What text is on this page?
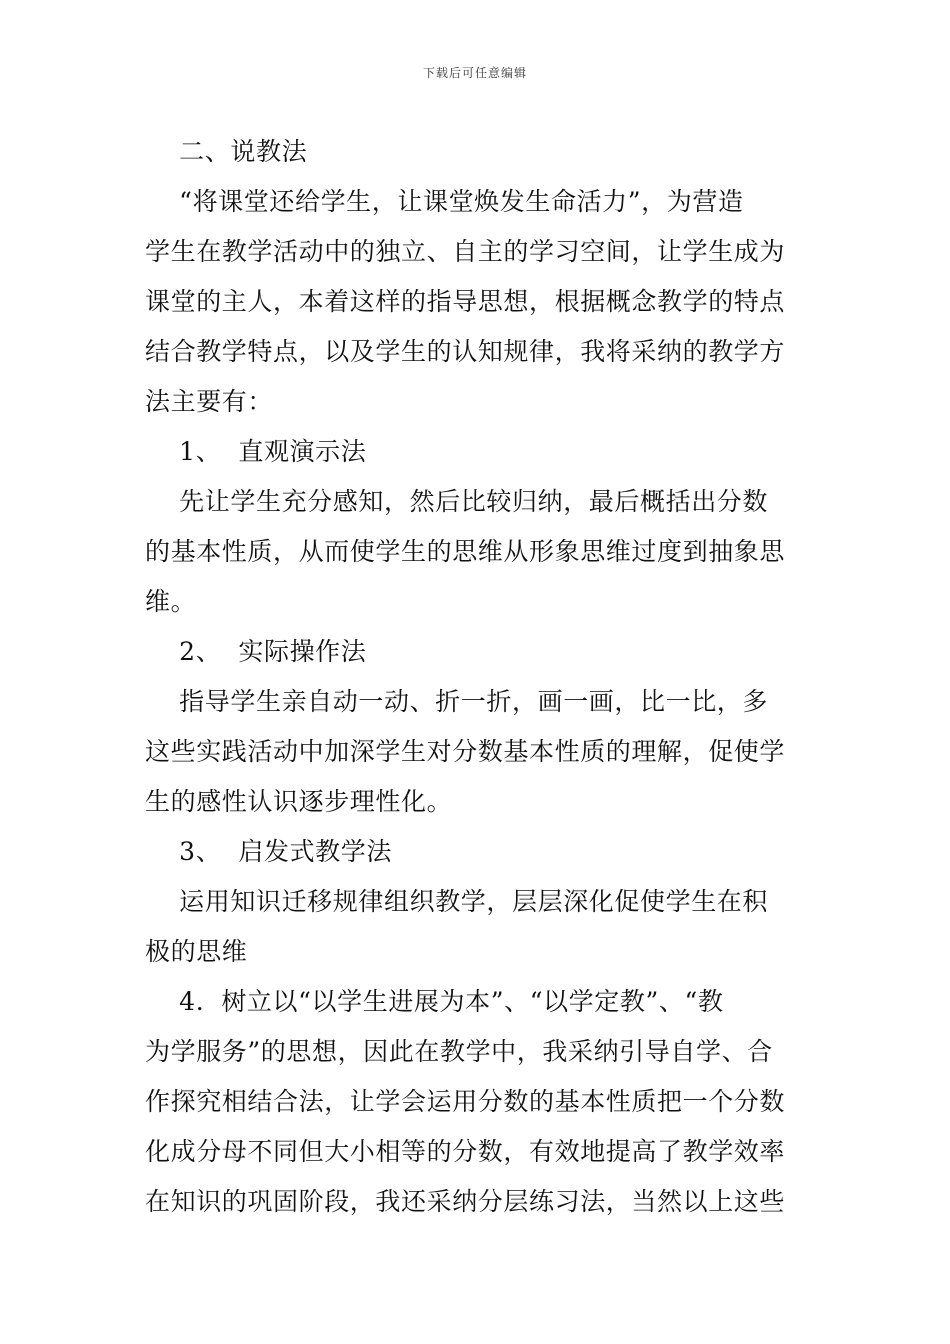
下载后可任意编辑
二、说教法
“将课堂还给学生，让课堂焕发生命活力”，为营造
学生在教学活动中的独立、自主的学习空间，让学生成为
课堂的主人，本着这样的指导思想，根据概念教学的特点
结合教学特点，以及学生的认知规律，我将采纳的教学方
法主要有：
1、  直观演示法
先让学生充分感知，然后比较归纳，最后概括出分数
的基本性质，从而使学生的思维从形象思维过度到抽象思
维。
2、  实际操作法
指导学生亲自动一动、折一折，画一画，比一比，多
这些实践活动中加深学生对分数基本性质的理解，促使学
生的感性认识逐步理性化。
3、  启发式教学法
运用知识迁移规律组织教学，层层深化促使学生在积
极的思维
4.  树立以“以学生进展为本”、“以学定教”、“教
为学服务”的思想，因此在教学中，我采纳引导自学、合
作探究相结合法，让学会运用分数的基本性质把一个分数
化成分母不同但大小相等的分数，有效地提高了教学效率
在知识的巩固阶段，我还采纳分层练习法，当然以上这些
